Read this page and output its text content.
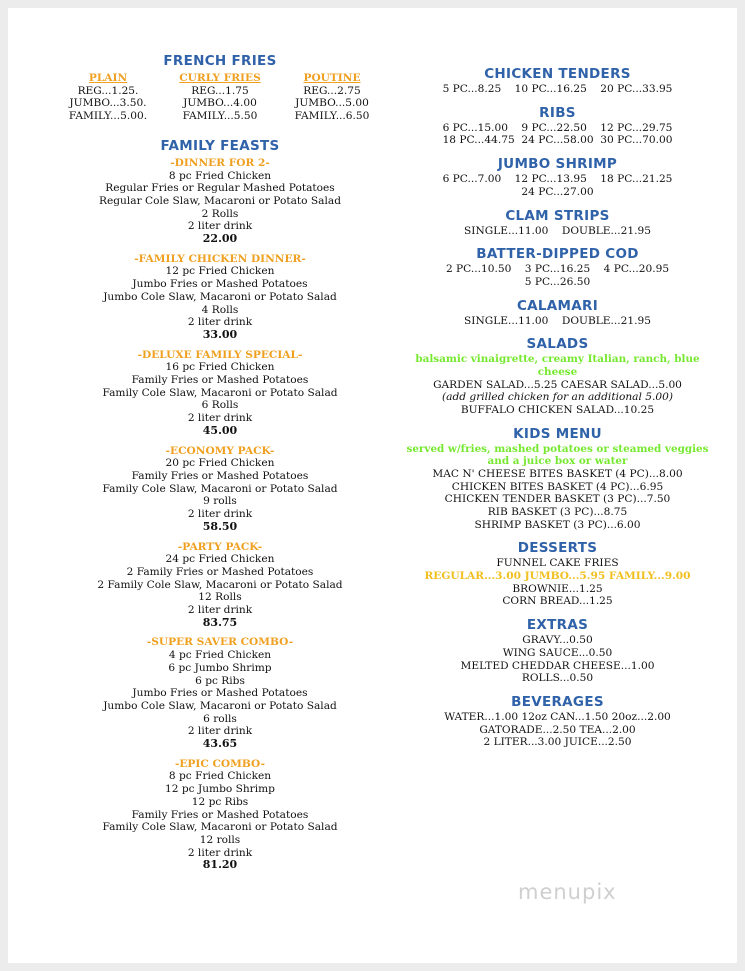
FRENCH FRIES
PLAIN
REG...1.25.
JUMBO...3.50.
FAMILY...5.00.
CURLY FRIES
REG...1.75
JUMBO...4.00
FAMILY...5.50
POUTINE
REG...2.75
JUMBO...5.00
FAMILY...6.50
FAMILY FEASTS
-DINNER FOR 2-
8 pc Fried Chicken
Regular Fries or Regular Mashed Potatoes
Regular Cole Slaw, Macaroni or Potato Salad
2 Rolls
2 liter drink
22.00
-FAMILY CHICKEN DINNER-
12 pc Fried Chicken
Jumbo Fries or Mashed Potatoes
Jumbo Cole Slaw, Macaroni or Potato Salad
4 Rolls
2 liter drink
33.00
-DELUXE FAMILY SPECIAL-
16 pc Fried Chicken
Family Fries or Mashed Potatoes
Family Cole Slaw, Macaroni or Potato Salad
6 Rolls
2 liter drink
45.00
-ECONOMY PACK-
20 pc Fried Chicken
Family Fries or Mashed Potatoes
Family Cole Slaw, Macaroni or Potato Salad
9 rolls
2 liter drink
58.50
-PARTY PACK-
24 pc Fried Chicken
2 Family Fries or Mashed Potatoes
2 Family Cole Slaw, Macaroni or Potato Salad
12 Rolls
2 liter drink
83.75
-SUPER SAVER COMBO-
4 pc Fried Chicken
6 pc Jumbo Shrimp
6 pc Ribs
Jumbo Fries or Mashed Potatoes
Jumbo Cole Slaw, Macaroni or Potato Salad
6 rolls
2 liter drink
43.65
-EPIC COMBO-
8 pc Fried Chicken
12 pc Jumbo Shrimp
12 pc Ribs
Family Fries or Mashed Potatoes
Family Cole Slaw, Macaroni or Potato Salad
12 rolls
2 liter drink
81.20
CHICKEN TENDERS
5 PC...8.25    10 PC...16.25    20 PC...33.95
RIBS
6 PC...15.00    9 PC...22.50    12 PC...29.75
18 PC...44.75  24 PC...58.00  30 PC...70.00
JUMBO SHRIMP
6 PC...7.00    12 PC...13.95    18 PC...21.25
24 PC...27.00
CLAM STRIPS
SINGLE...11.00    DOUBLE...21.95
BATTER-DIPPED COD
2 PC...10.50    3 PC...16.25    4 PC...20.95
5 PC...26.50
CALAMARI
SINGLE...11.00    DOUBLE...21.95
SALADS
balsamic vinaigrette, creamy Italian, ranch, blue cheese
GARDEN SALAD...5.25 CAESAR SALAD...5.00
(add grilled chicken for an additional 5.00)
BUFFALO CHICKEN SALAD...10.25
KIDS MENU
served w/fries, mashed potatoes or steamed veggies and a juice box or water
MAC N' CHEESE BITES BASKET (4 PC)...8.00
CHICKEN BITES BASKET (4 PC)...6.95
CHICKEN TENDER BASKET (3 PC)...7.50
RIB BASKET (3 PC)...8.75
SHRIMP BASKET (3 PC)...6.00
DESSERTS
FUNNEL CAKE FRIES
REGULAR...3.00 JUMBO...5.95 FAMILY...9.00
BROWNIE...1.25
CORN BREAD...1.25
EXTRAS
GRAVY...0.50
WING SAUCE...0.50
MELTED CHEDDAR CHEESE...1.00
ROLLS...0.50
BEVERAGES
WATER...1.00 12oz CAN...1.50 20oz...2.00
GATORADE...2.50 TEA...2.00
2 LITER...3.00 JUICE...2.50
menupix
